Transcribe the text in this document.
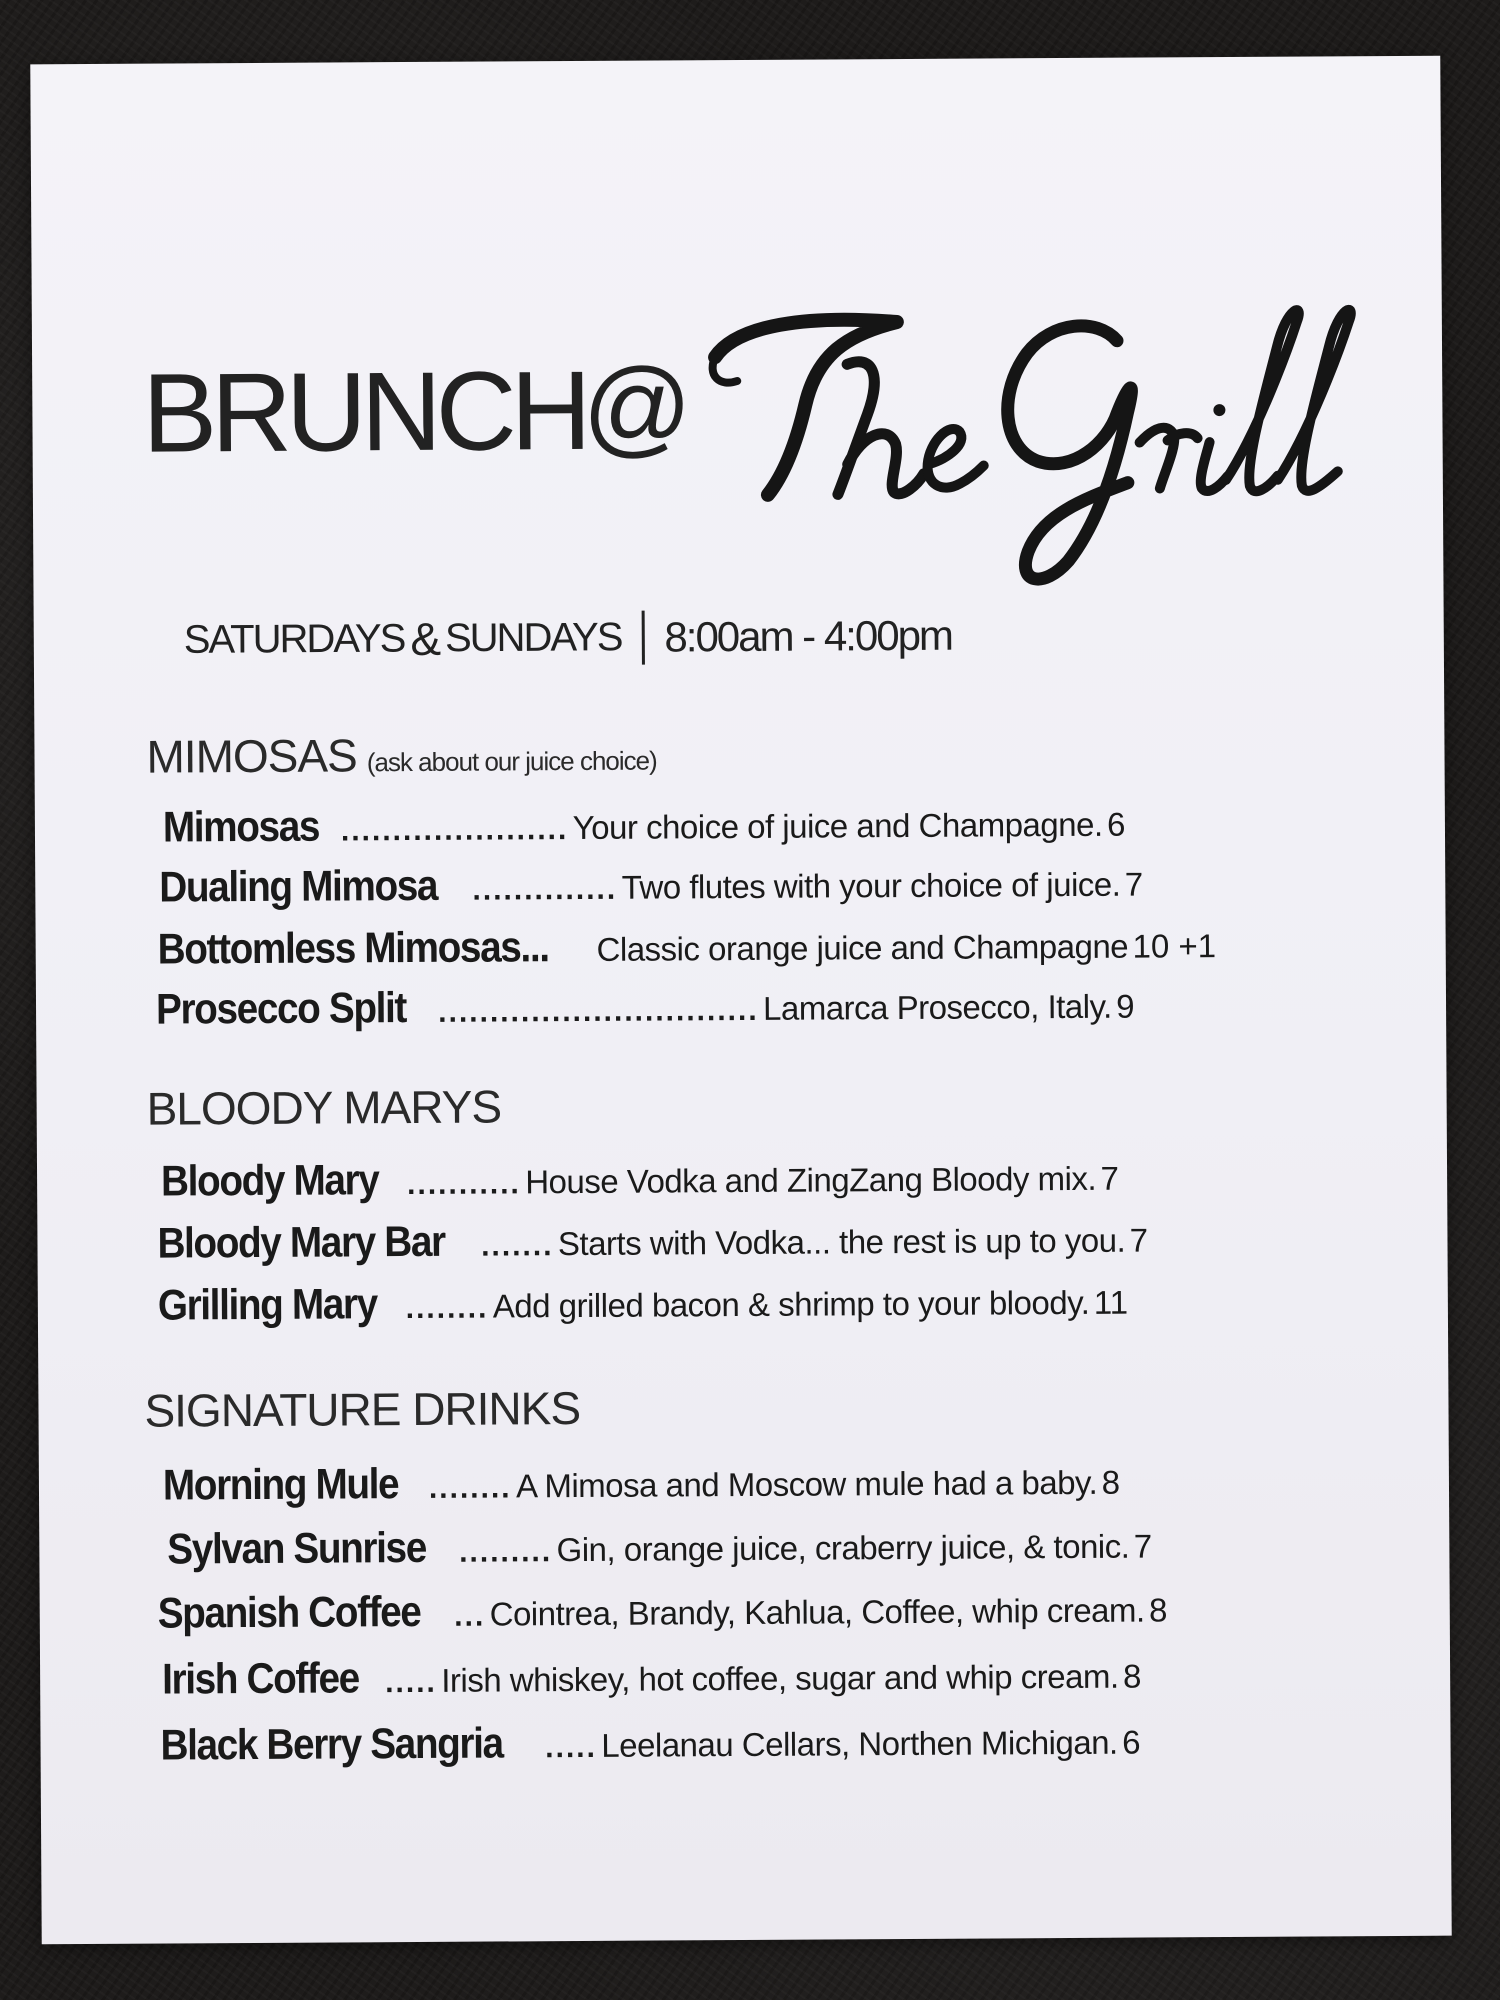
BRUNCH
@
SATURDAYS & SUNDAYS 8:00am - 4:00pm
MIMOSAS (ask about our juice choice)
Mimosas ...................... Your choice of juice and Champagne. 6
Dualing Mimosa .............. Two flutes with your choice of juice. 7
Bottomless Mimosas... Classic orange juice and Champagne 10 +1
Prosecco Split ............................... Lamarca Prosecco, Italy. 9
BLOODY MARYS
Bloody Mary ........... House Vodka and ZingZang Bloody mix. 7
Bloody Mary Bar ....... Starts with Vodka... the rest is up to you. 7
Grilling Mary ........ Add grilled bacon & shrimp to your bloody. 11
SIGNATURE DRINKS
Morning Mule ........ A Mimosa and Moscow mule had a baby. 8
Sylvan Sunrise ......... Gin, orange juice, craberry juice, & tonic. 7
Spanish Coffee ... Cointrea, Brandy, Kahlua, Coffee, whip cream. 8
Irish Coffee ..... Irish whiskey, hot coffee, sugar and whip cream. 8
Black Berry Sangria ..... Leelanau Cellars, Northen Michigan. 6
